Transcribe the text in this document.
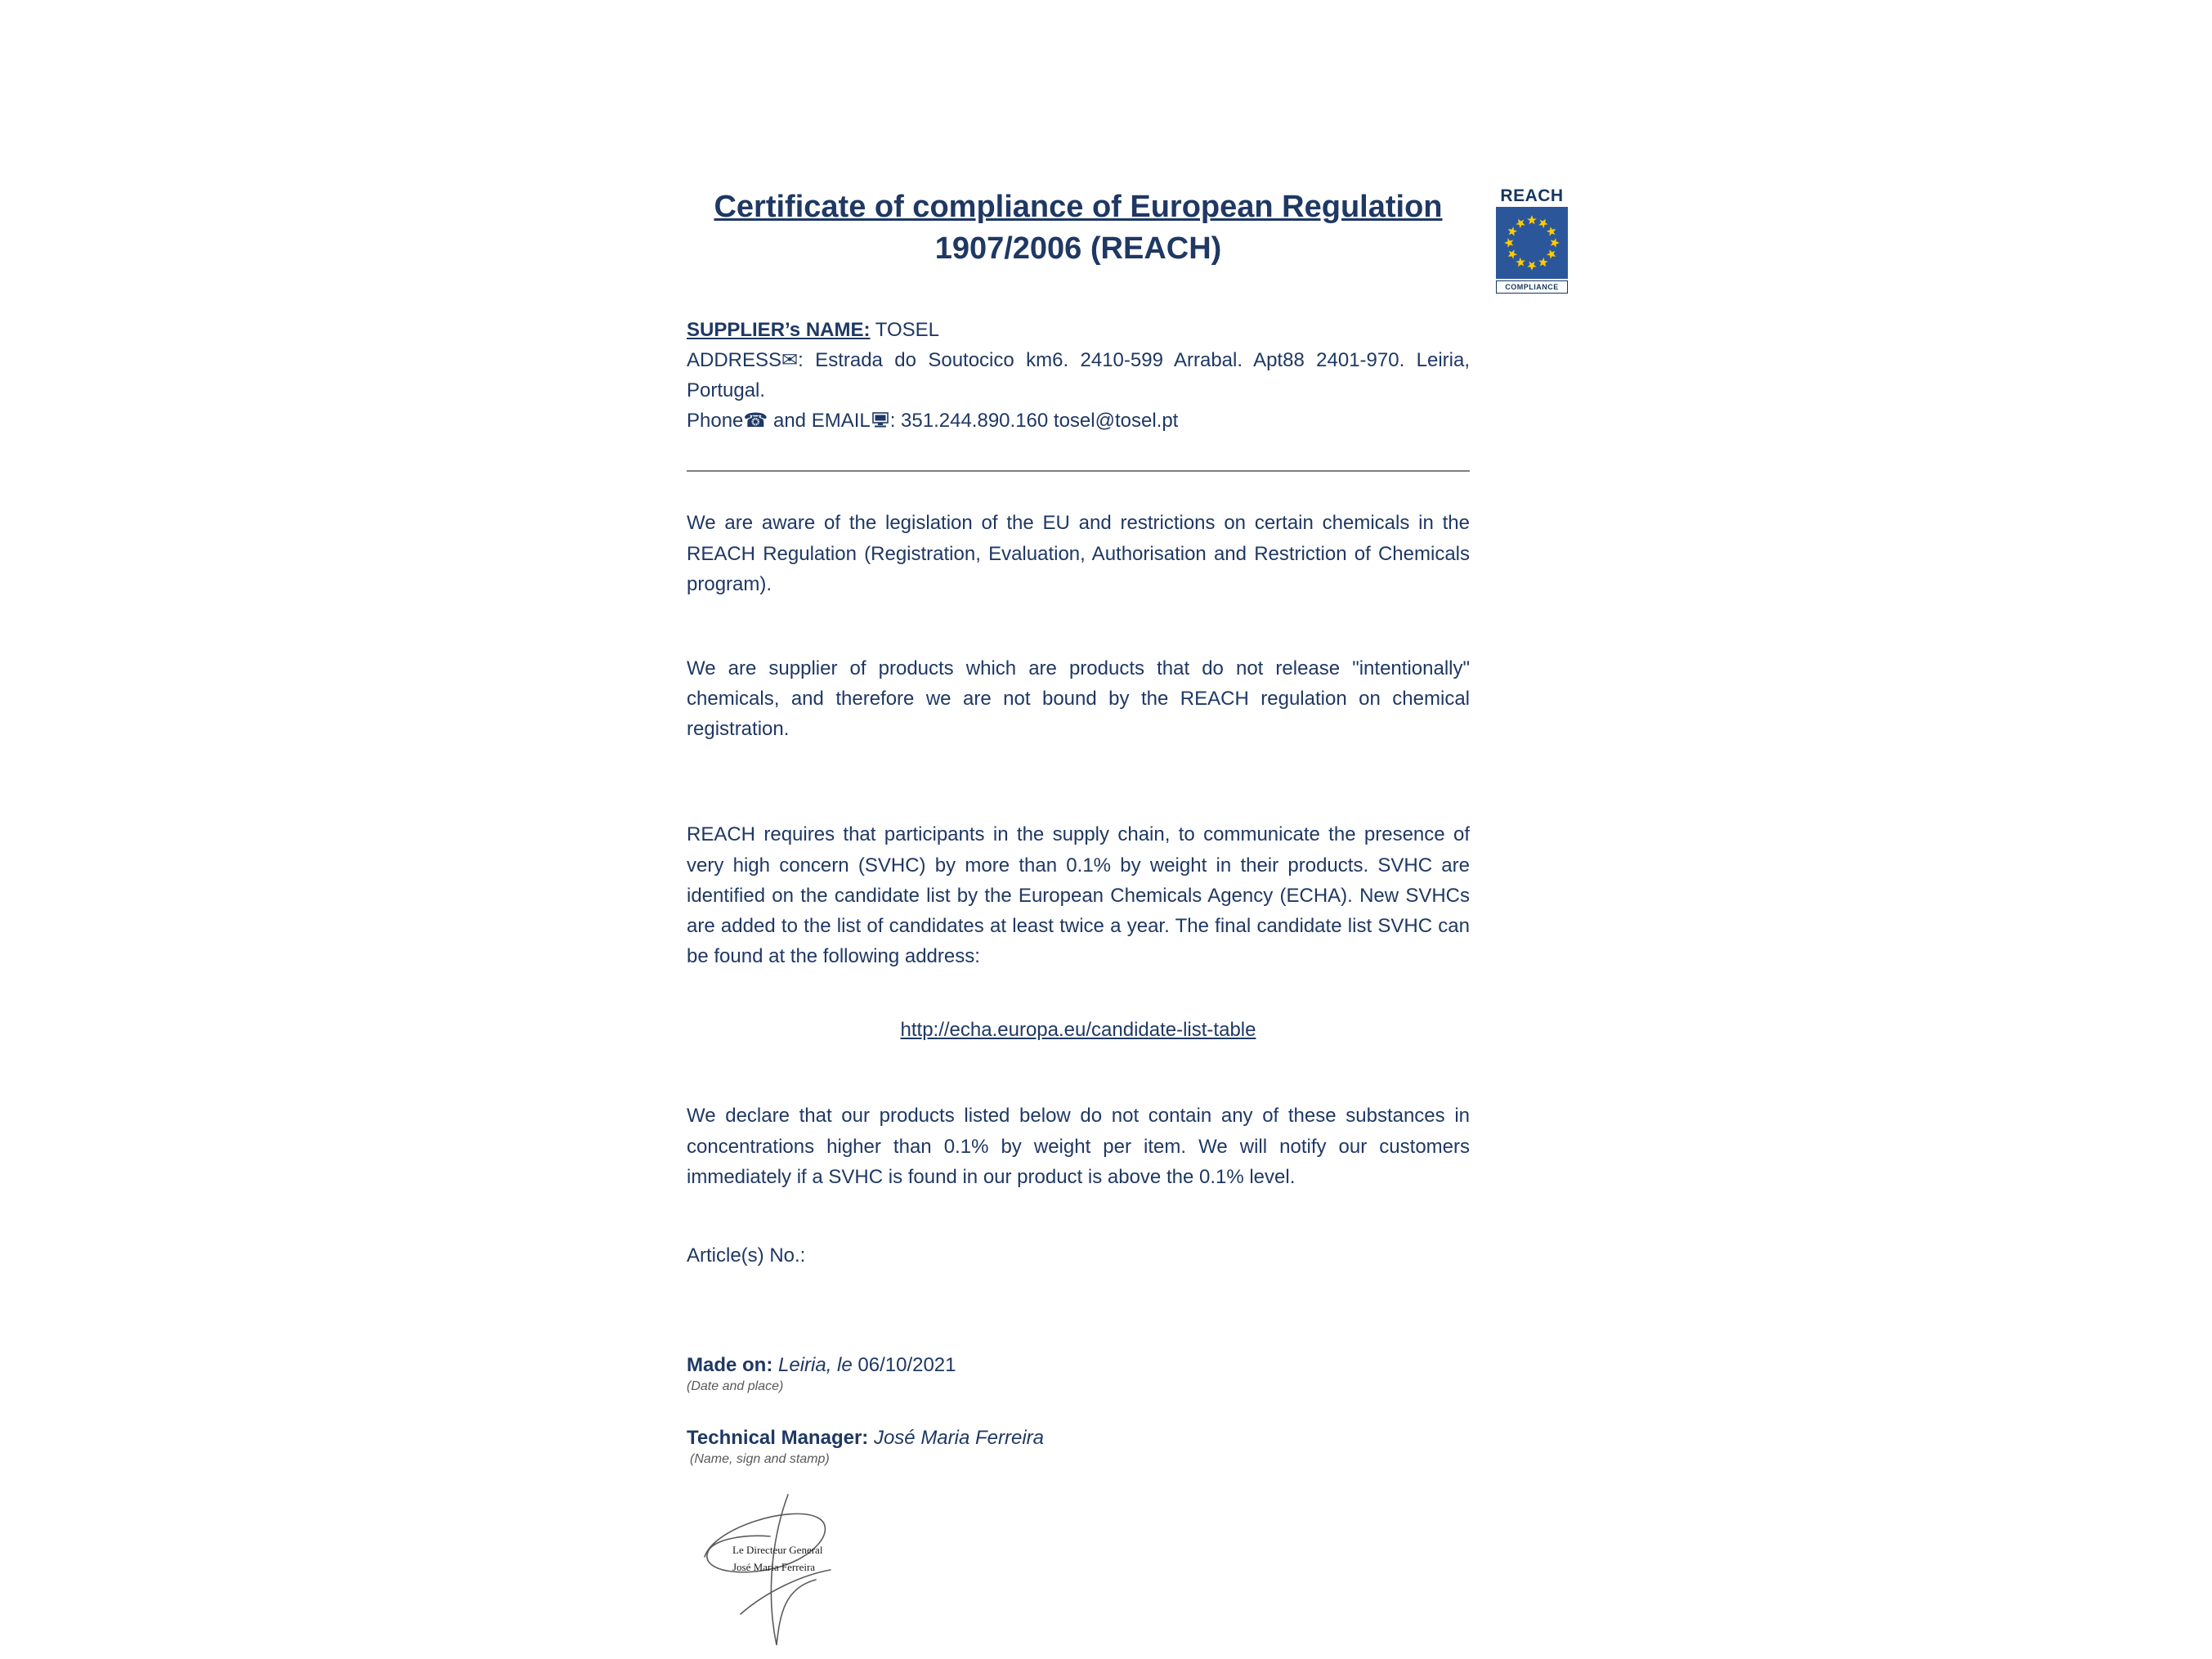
REACH
COMPLIANCE
Certificate of compliance of European Regulation
1907/2006 (REACH)

SUPPLIER’s NAME: TOSEL

ADDRESS✉: Estrada do Soutocico km6. 2410-599 Arrabal. Apt88 2401-970. Leiria, Portugal.

Phone☎ and EMAIL : 351.244.890.160 tosel@tosel.pt

We are aware of the legislation of the EU and restrictions on certain chemicals in the REACH Regulation (Registration, Evaluation, Authorisation and Restriction of Chemicals program).

We are supplier of products which are products that do not release "intentionally" chemicals, and therefore we are not bound by the REACH regulation on chemical registration.

REACH requires that participants in the supply chain, to communicate the presence of very high concern (SVHC) by more than 0.1% by weight in their products. SVHC are identified on the candidate list by the European Chemicals Agency (ECHA). New SVHCs are added to the list of candidates at least twice a year. The final candidate list SVHC can be found at the following address:

http://echa.europa.eu/candidate-list-table

We declare that our products listed below do not contain any of these substances in concentrations higher than 0.1% by weight per item. We will notify our customers immediately if a SVHC is found in our product is above the 0.1% level.

Article(s) No.:

Made on: Leiria, le 06/10/2021

(Date and place)

Technical Manager: José Maria Ferreira

(Name, sign and stamp)

Le Directeur General
José Maria Ferreira
